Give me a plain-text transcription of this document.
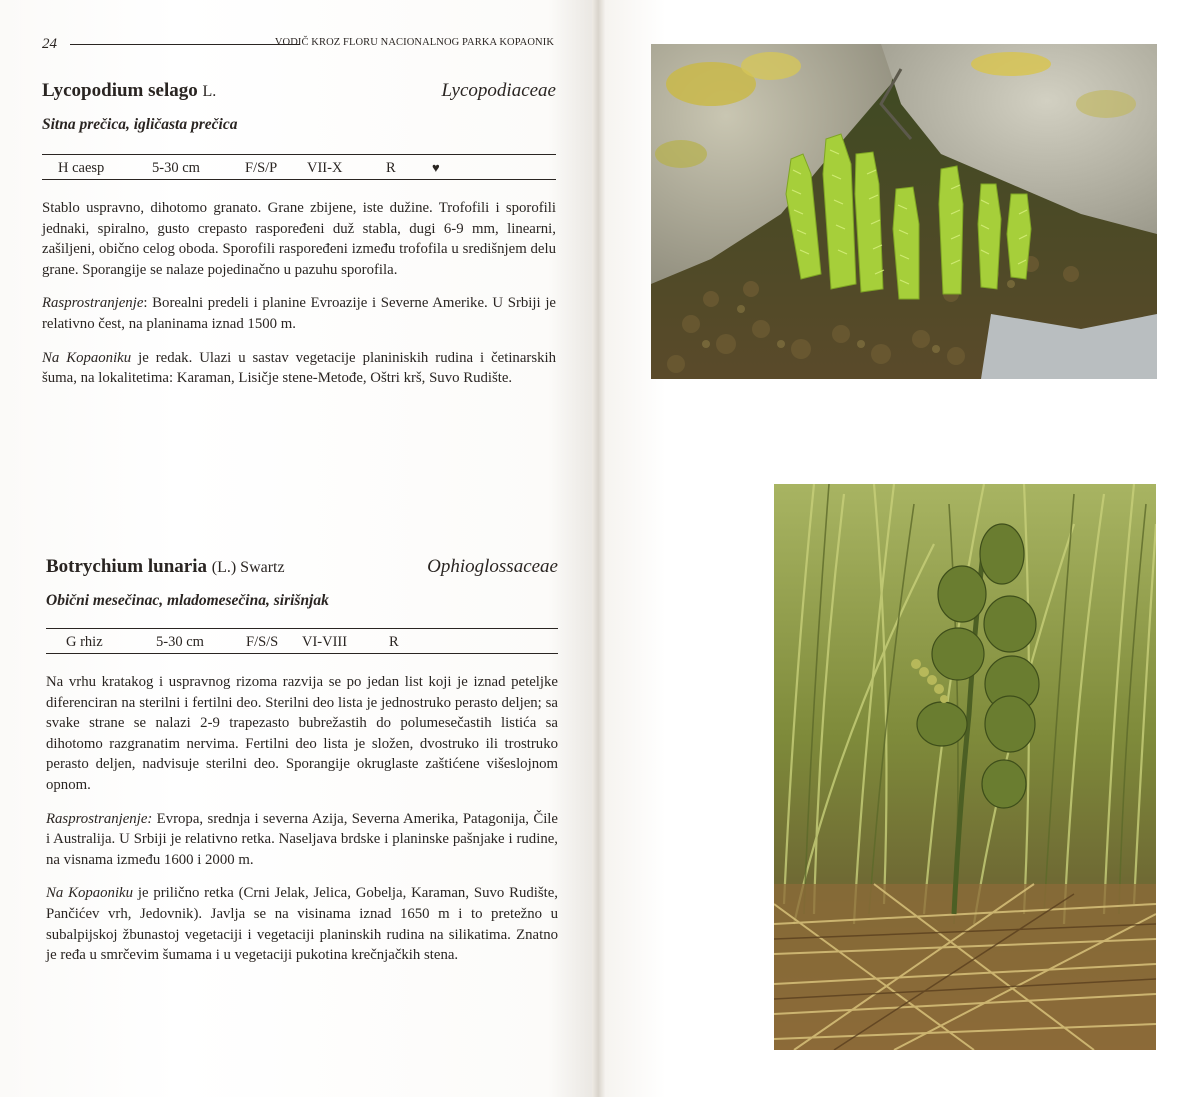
24	VODIČ KROZ FLORU NACIONALNOG PARKA KOPAONIK
Lycopodium selago L.	Lycopodiaceae
Sitna prečica, igličasta prečica
H caesp	5-30 cm	F/S/P VII-X	R	♥

Stablo uspravno, dihotomo granato. Grane zbijene, iste dužine. Trofofili i sporofili jednaki, spiralno, gusto crepasto raspoređeni duž stabla, dugi 6-9 mm, linearni, zašiljeni, obično celog oboda. Sporofili raspoređeni između trofofila u središnjem delu grane. Sporangije se nalaze pojedinačno u pazuhu sporofila.

Rasprostranjenje: Borealni predeli i planine Evroazije i Severne Amerike. U Srbiji je relativno čest, na planinama iznad 1500 m.

Na Kopaoniku je redak. Ulazi u sastav vegetacije planiniskih rudina i četinarskih šuma, na lokalitetima: Karaman, Lisičje stene-Metođe, Oštri krš, Suvo Rudište.

Botrychium lunaria (L.) Swartz	Ophioglossaceae
Obični mesečinac, mladomesečina, sirišnjak
G rhiz	5-30 cm	F/S/S VI-VIII	R

Na vrhu kratakog i uspravnog rizoma razvija se po jedan list koji je iznad peteljke diferenciran na sterilni i fertilni deo. Sterilni deo lista je jednostruko perasto deljen; sa svake strane se nalazi 2-9 trapezasto bubrežastih do polumesečastih listića sa dihotomo razgranatim nervima. Fertilni deo lista je složen, dvostruko ili trostruko perasto deljen, nadvisuje sterilni deo. Sporangije okruglaste zaštićene višeslojnom opnom.

Rasprostranjenje: Evropa, srednja i severna Azija, Severna Amerika, Patagonija, Čile i Australija. U Srbiji je relativno retka. Naseljava brdske i planinske pašnjake i rudine, na visnama između 1600 i 2000 m.

Na Kopaoniku je prilično retka (Crni Jelak, Jelica, Gobelja, Karaman, Suvo Rudište, Pančićev vrh, Jedovnik). Javlja se na visinama iznad 1650 m i to pretežno u subalpijskoj žbunastoj vegetaciji i vegetaciji planinskih rudina na silikatima. Znatno je ređa u smrčevim šumama i u vegetaciji pukotina krečnjačkih stena.
